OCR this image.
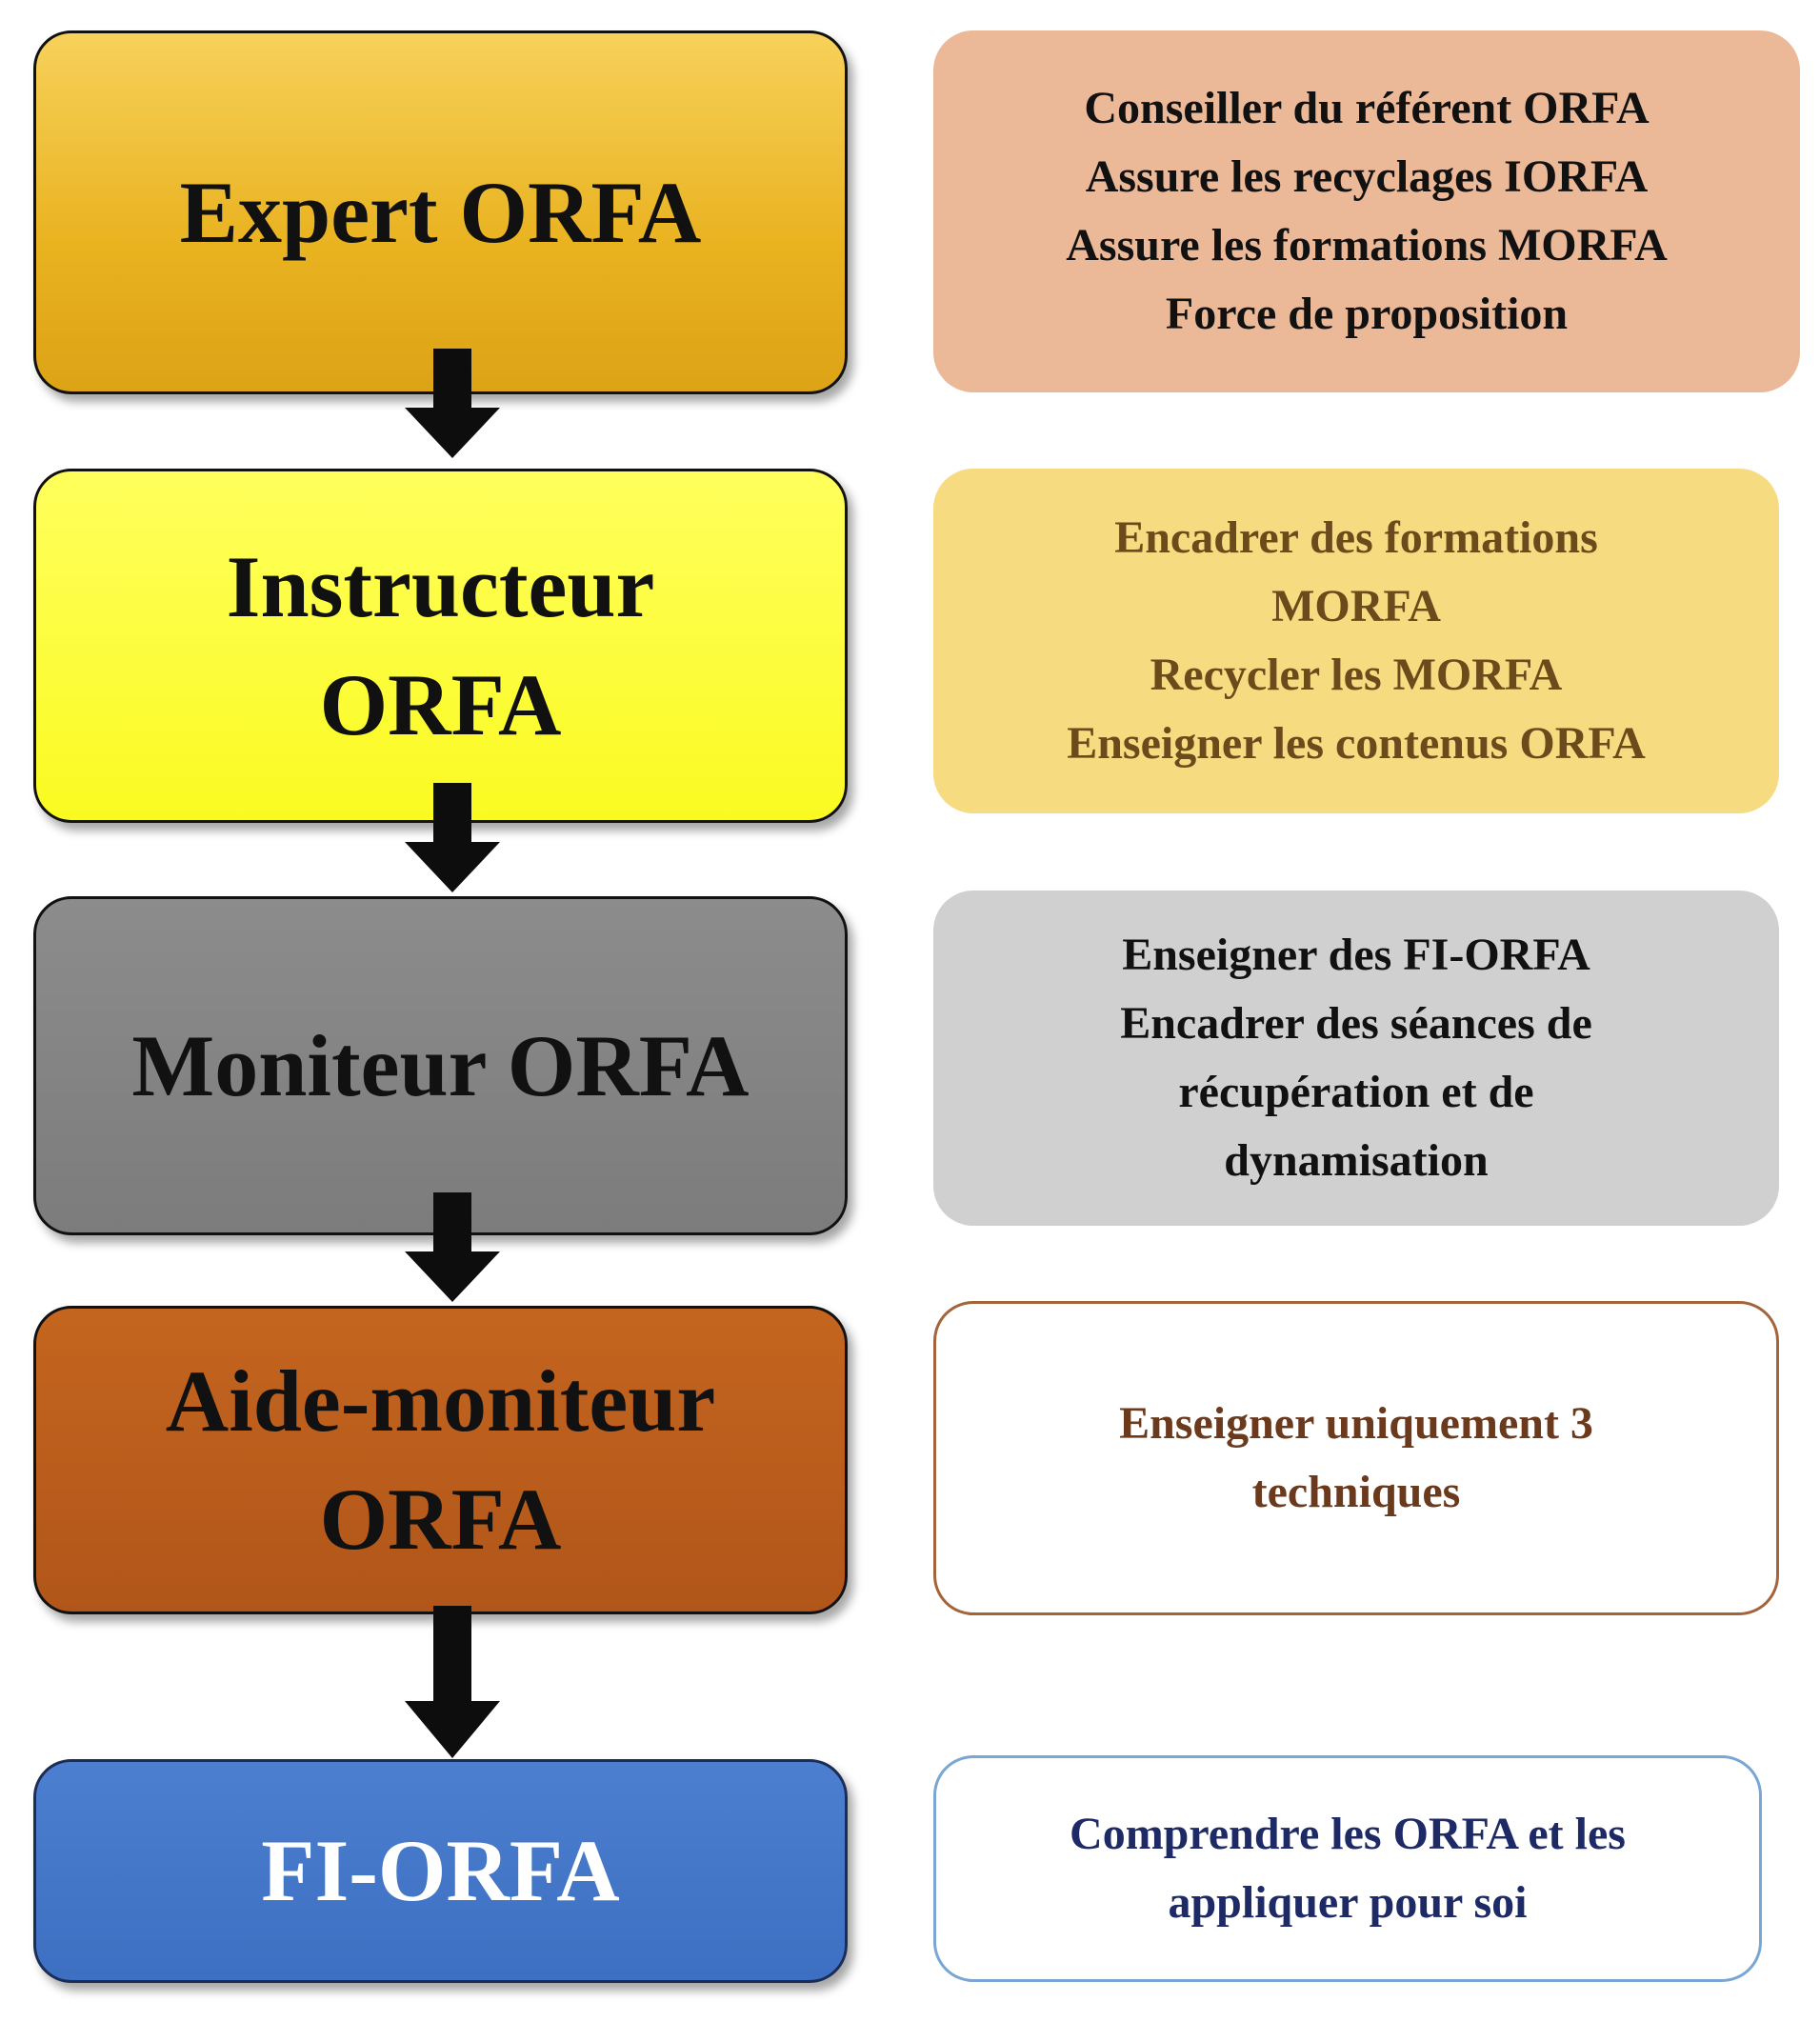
Expert ORFA
Instructeur
ORFA
Moniteur ORFA
Aide-moniteur
ORFA
FI-ORFA
Conseiller du référent ORFA
Assure les recyclages IORFA
Assure les formations MORFA
Force de proposition
Encadrer des formations
MORFA
Recycler les MORFA
Enseigner les contenus ORFA
Enseigner des FI-ORFA
Encadrer des séances de
récupération et de
dynamisation
Enseigner uniquement 3
techniques
Comprendre les ORFA et les
appliquer pour soi
